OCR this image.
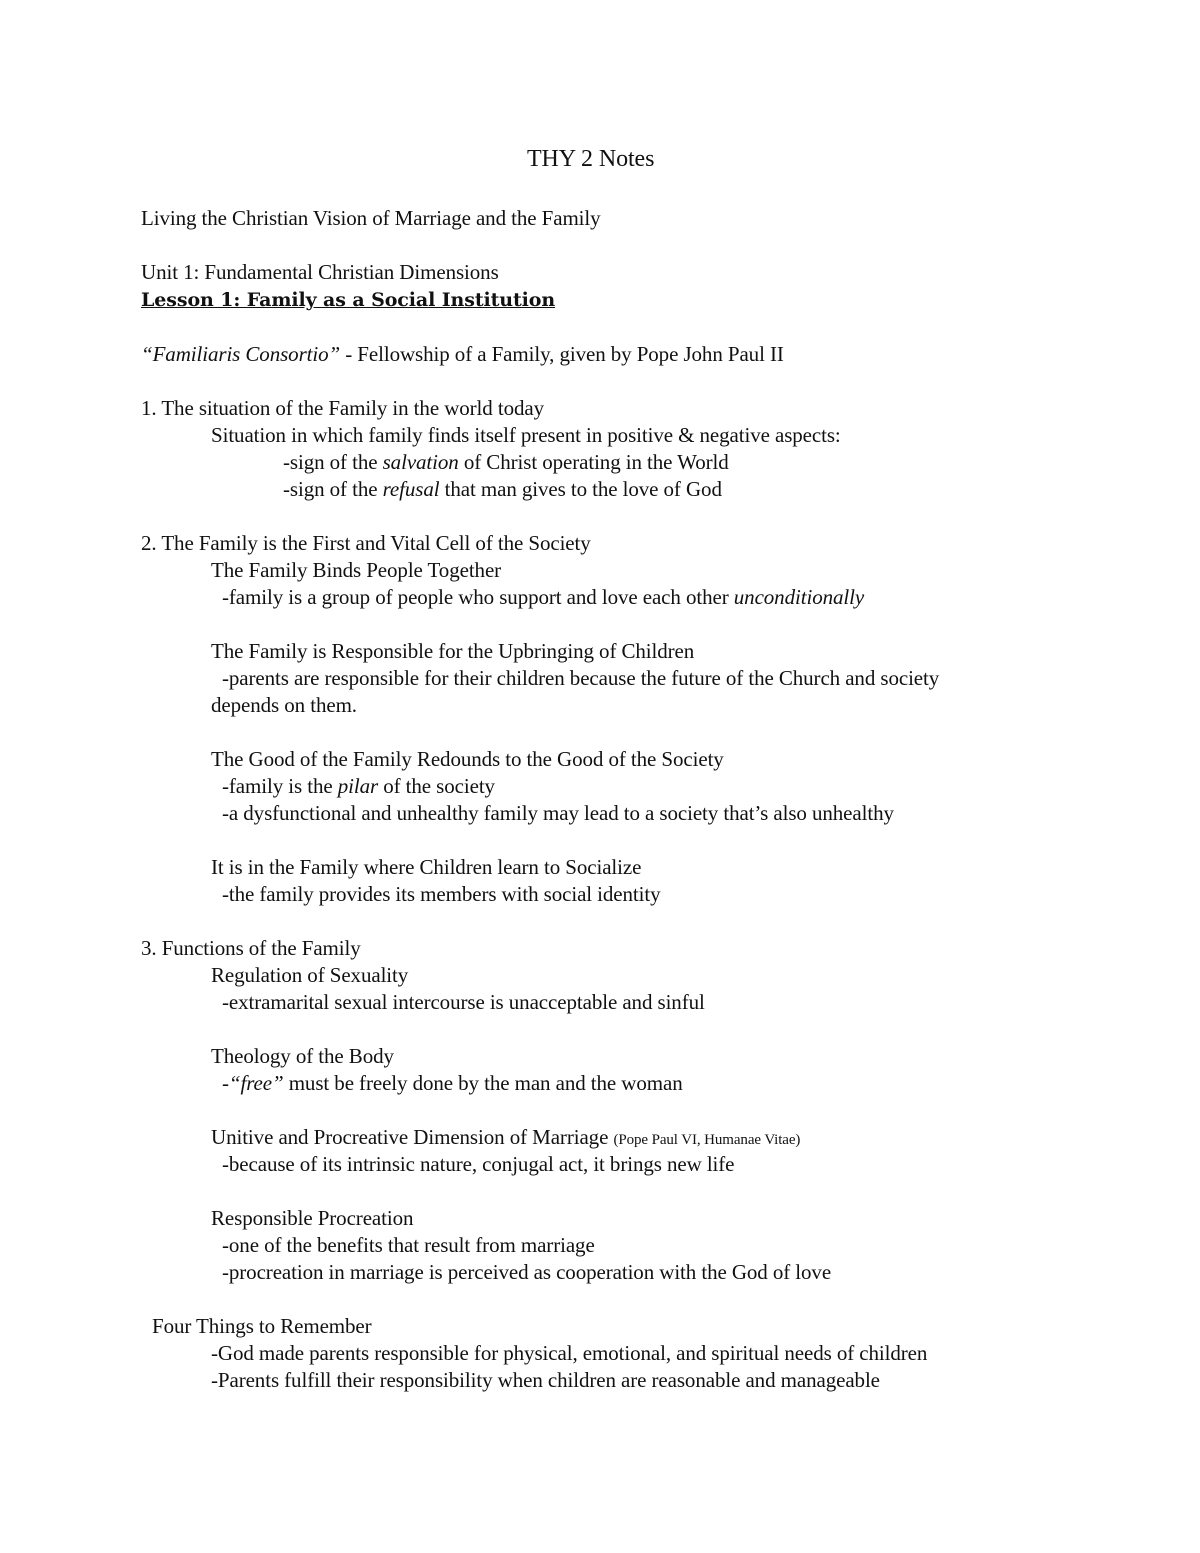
THY 2 Notes
Living the Christian Vision of Marriage and the Family
Unit 1: Fundamental Christian Dimensions
Lesson 1: Family as a Social Institution
“Familiaris Consortio” - Fellowship of a Family, given by Pope John Paul II
1. The situation of the Family in the world today
Situation in which family finds itself present in positive & negative aspects:
-sign of the salvation of Christ operating in the World
-sign of the refusal that man gives to the love of God
2. The Family is the First and Vital Cell of the Society
The Family Binds People Together
-family is a group of people who support and love each other unconditionally
The Family is Responsible for the Upbringing of Children
-parents are responsible for their children because the future of the Church and society
depends on them.
The Good of the Family Redounds to the Good of the Society
-family is the pilar of the society
-a dysfunctional and unhealthy family may lead to a society that’s also unhealthy
It is in the Family where Children learn to Socialize
-the family provides its members with social identity
3. Functions of the Family
Regulation of Sexuality
-extramarital sexual intercourse is unacceptable and sinful
Theology of the Body
-“free” must be freely done by the man and the woman
Unitive and Procreative Dimension of Marriage (Pope Paul VI, Humanae Vitae)
-because of its intrinsic nature, conjugal act, it brings new life
Responsible Procreation
-one of the benefits that result from marriage
-procreation in marriage is perceived as cooperation with the God of love
Four Things to Remember
-God made parents responsible for physical, emotional, and spiritual needs of children
-Parents fulfill their responsibility when children are reasonable and manageable
